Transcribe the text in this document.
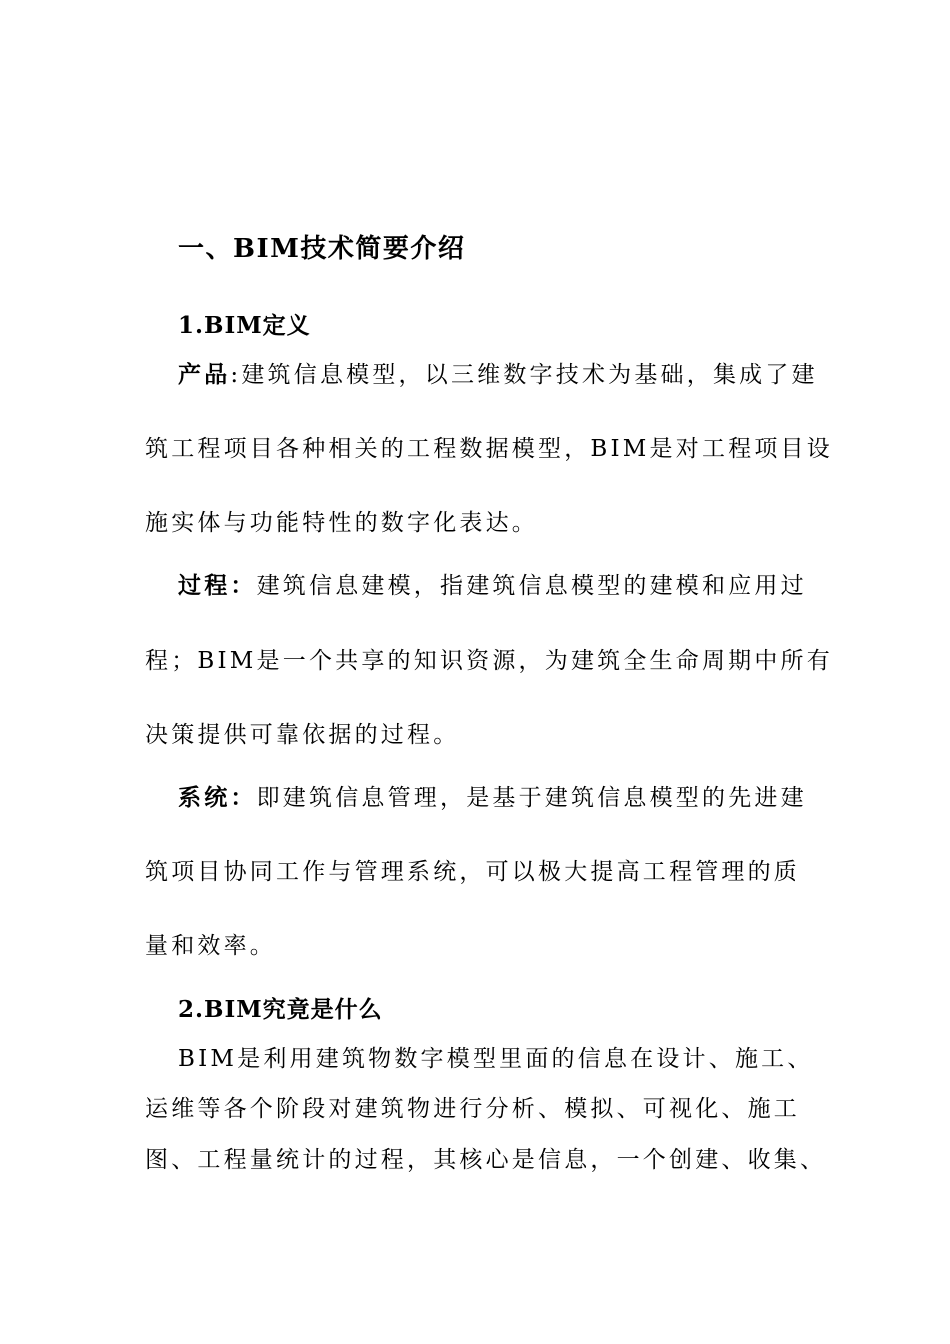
一、BIM技术简要介绍
1.BIM定义
产品:建筑信息模型，以三维数字技术为基础，集成了建
筑工程项目各种相关的工程数据模型，BIM是对工程项目设
施实体与功能特性的数字化表达。
过程：建筑信息建模，指建筑信息模型的建模和应用过
程；BIM是一个共享的知识资源，为建筑全生命周期中所有
决策提供可靠依据的过程。
系统：即建筑信息管理，是基于建筑信息模型的先进建
筑项目协同工作与管理系统，可以极大提高工程管理的质
量和效率。
2.BIM究竟是什么
BIM是利用建筑物数字模型里面的信息在设计、施工、
运维等各个阶段对建筑物进行分析、模拟、可视化、施工
图、工程量统计的过程，其核心是信息，一个创建、收集、
